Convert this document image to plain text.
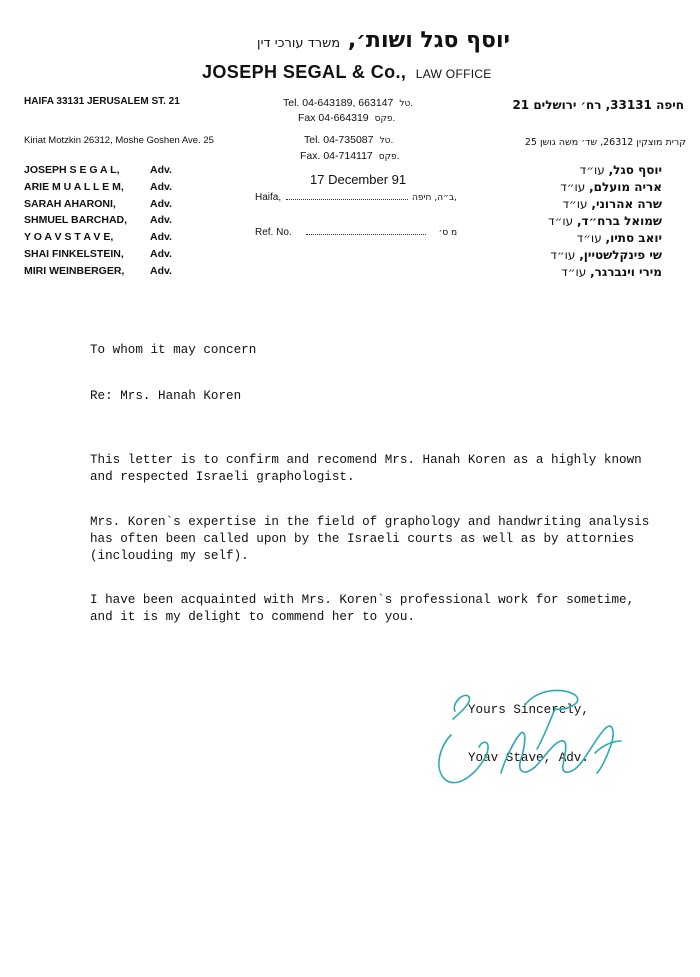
יוסף סגל ושות׳, משרד עורכי דין
JOSEPH SEGAL & Co., LAW OFFICE
HAIFA 33131 JERUSALEM ST. 21
Kiriat Motzkin 26312, Moshe Goshen Ave. 25
חיפה 33131, רח׳ ירושלים 21
קרית מוצקין 26312, שד׳ משה גושן 25
Tel. 04-643189, 663147 טל.
Fax 04-664319 פקס.
Tel. 04-735087 טל.
Fax. 04-714117 פקס.
JOSEPH S E G A L,	Adv.
ARIE M U A L L E M,	Adv.
SARAH AHARONI,	Adv.
SHMUEL BARCHAD,	Adv.
Y O A V S T A V E,	Adv.
SHAI FINKELSTEIN,	Adv.
MIRI WEINBERGER,	Adv.
יוסף סגל, עו״ד
אריה מועלם, עו״ד
שרה אהרוני, עו״ד
שמואל ברח״ד, עו״ד
יואב סתיו, עו״ד
שי פינקלשטיין, עו״ד
מירי וינברגר, עו״ד
17 December 91
Haifa,	ב״ה, חיפה,
Ref. No.	מ ס׳
To whom it may concern
Re: Mrs. Hanah Koren
This letter is to confirm and recomend Mrs. Hanah Koren as a highly known
and respected Israeli graphologist.
Mrs. Koren`s expertise in the field of graphology and handwriting analysis
has often been called upon by the Israeli courts as well as by attornies
(inclouding my self).
I have been acquainted with Mrs. Koren`s professional work for sometime,
and it is my delight to commend her to you.
Yours Sincerely,
Yoav Stave, Adv.
